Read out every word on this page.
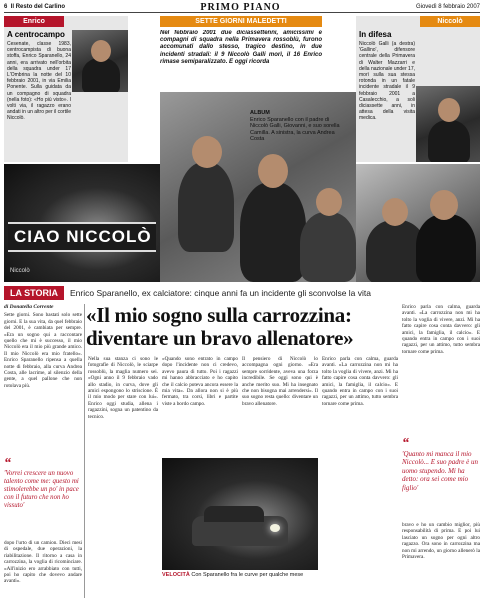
6 Il Resto del Carlino	PRIMO PIANO	Giovedì 8 febbraio 2007
Enrico
A centrocampo
Cesenate, classe 1983, centrocampista di buona stoffa, Enrico Sparanello, 24 anni, era arrivato nell'orbita della squadra under 17 L'Ombrina la notte del 10 febbraio 2001, in via Emilia Ponente. Sulla guidata da un compagno di squadra (nella foto): «Ho più visto». I volti via, il ragazzo erano andati in un altro per il cortile Niccolò.
SETTE GIORNI MALEDETTI
Nel febbraio 2001 due diciassettenni, amicissimi e compagni di squadra nella Primavera rossoblù, furono accomunati dallo stesso, tragico destino, in due incidenti stradali: il 9 Niccolò Galli morì, il 16 Enrico rimase semiparalizzato. E oggi ricorda
Niccolò
In difesa
Niccolò Galli (a destra) 'Gallino', difensore centrale della Primavera di Walter Mazzarri e della nazionale under 17, morì sulla sua stessa rotonda in un fatale incidente stradale il 9 febbraio 2001 a Casalecchio, a soli diciassette anni, in attesa della visita medica.
ALBUM
Enrico Sparanello con il padre di Niccolò Galli, Giovanni, e suo sorella Camilla. A sinistra, la curva Andrea Costa
CIAO NICCOLÒ
Niccolò
LA STORIA	Enrico Sparanello, ex calciatore: cinque anni fa un incidente gli sconvolse la vita
di Donatella Corrente
Sette giorni. Sono bastati solo sette giorni. E la sua vita, da quel febbraio del 2001, è cambiata per sempre. «Era un sogno qui a raccontare quello che mi è successo, il mio Niccolò era il mio più grande amico. Il mio Niccolò era mio fratello». Enrico Sparanello ripensa a quella notte di febbraio, alla curva Andrea Costa, alle lacrime, al silenzio della gente, a quel pallone che non rotolava più.
“
'Vorrei crescere un nuovo talento come me: questo mi stimolerebbe un po' in pace con il futuro che non ho vissuto'
dopo l'urto di un camion. Dieci mesi di ospedale, due operazioni, la riabilitazione. Il ritorno a casa in carrozzina, la voglia di ricominciare. «All'inizio ero arrabbiato con tutti, poi ho capito che dovevo andare avanti».
«Il mio sogno sulla carrozzina: diventare un bravo allenatore»
Nella sua stanza ci sono le fotografie di Niccolò, le sciarpe rossoblù, la maglia numero sei. «Ogni anno il 9 febbraio vado allo stadio, in curva, dove gli amici espongono lo striscione. È il mio modo per stare con lui». Enrico oggi studia, allena i ragazzini, sogna un patentino da tecnico.
«Quando sono entrato in campo dopo l'incidente non ci credevo, avevo paura di tutto. Poi i ragazzi mi hanno abbracciato e ho capito che il calcio poteva ancora essere la mia vita». Da allora non si è più fermato, tra corsi, libri e partite viste a bordo campo.
Il pensiero di Niccolò lo accompagna ogni giorno. «Era sempre sorridente, aveva una forza incredibile. Se oggi sono qui è anche merito suo. Mi ha insegnato che non bisogna mai arrendersi». Il suo sogno resta quello: diventare un bravo allenatore.
Enrico parla con calma, guarda avanti. «La carrozzina non mi ha tolto la voglia di vivere, anzi. Mi ha fatto capire cosa conta davvero: gli amici, la famiglia, il calcio». E quando entra in campo con i suoi ragazzi, per un attimo, tutto sembra tornare come prima.
VELOCITÀ Con Sparanello fra le curve per qualche mese
Enrico parla con calma, guarda avanti. «La carrozzina non mi ha tolto la voglia di vivere, anzi. Mi ha fatto capire cosa conta davvero: gli amici, la famiglia, il calcio». E quando entra in campo con i suoi ragazzi, per un attimo, tutto sembra tornare come prima.
“
'Quanto mi manca il mio Niccolò... E suo padre è un uomo stupendo. Mi ha detto: ora sei come mio figlio'
bravo e ho un cambio miglior, più responsabilità di prima. E poi lui lasciato un sogno per ogni altro ragazzo. Ora sono in carrozzina ma non mi arrendo, un giorno allenerò la Primavera.
